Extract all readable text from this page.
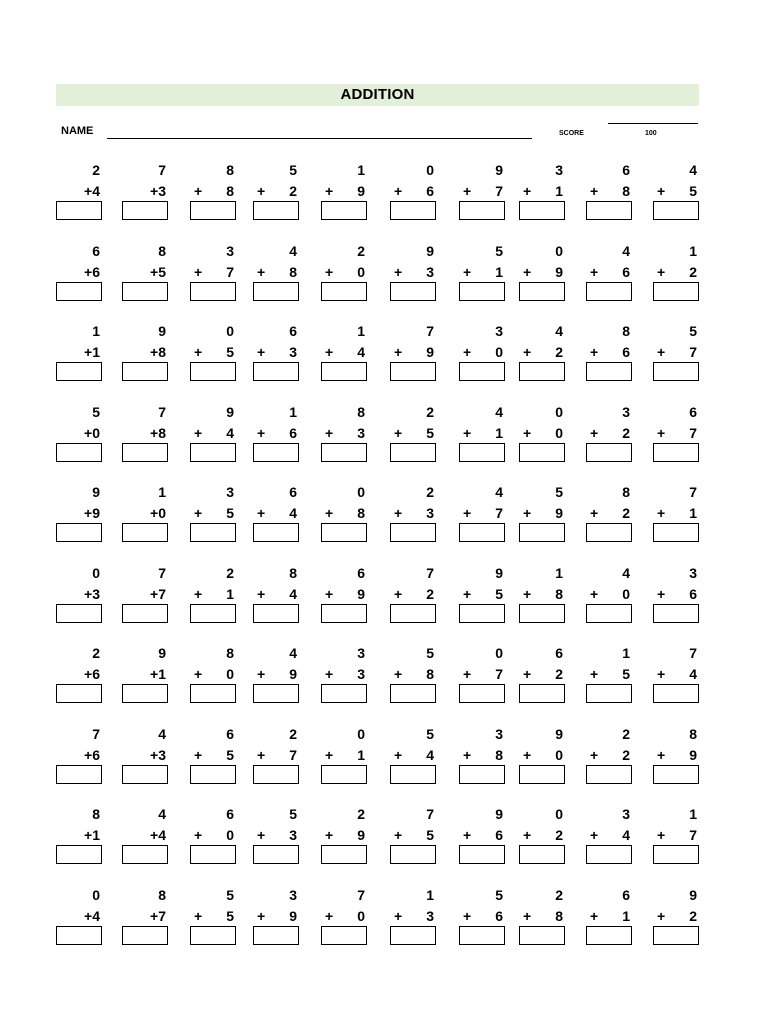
ADDITION
NAME	SCORE	100
2
+ 4
7
+ 3
8
+ 8
5
+ 2
1
+ 9
0
+ 6
9
+ 7
3
+ 1
6
+ 8
4
+ 5
6
+ 6
8
+ 5
3
+ 7
4
+ 8
2
+ 0
9
+ 3
5
+ 1
0
+ 9
4
+ 6
1
+ 2
1
+ 1
9
+ 8
0
+ 5
6
+ 3
1
+ 4
7
+ 9
3
+ 0
4
+ 2
8
+ 6
5
+ 7
5
+ 0
7
+ 8
9
+ 4
1
+ 6
8
+ 3
2
+ 5
4
+ 1
0
+ 0
3
+ 2
6
+ 7
9
+ 9
1
+ 0
3
+ 5
6
+ 4
0
+ 8
2
+ 3
4
+ 7
5
+ 9
8
+ 2
7
+ 1
0
+ 3
7
+ 7
2
+ 1
8
+ 4
6
+ 9
7
+ 2
9
+ 5
1
+ 8
4
+ 0
3
+ 6
2
+ 6
9
+ 1
8
+ 0
4
+ 9
3
+ 3
5
+ 8
0
+ 7
6
+ 2
1
+ 5
7
+ 4
7
+ 6
4
+ 3
6
+ 5
2
+ 7
0
+ 1
5
+ 4
3
+ 8
9
+ 0
2
+ 2
8
+ 9
8
+ 1
4
+ 4
6
+ 0
5
+ 3
2
+ 9
7
+ 5
9
+ 6
0
+ 2
3
+ 4
1
+ 7
0
+ 4
8
+ 7
5
+ 5
3
+ 9
7
+ 0
1
+ 3
5
+ 6
2
+ 8
6
+ 1
9
+ 2
